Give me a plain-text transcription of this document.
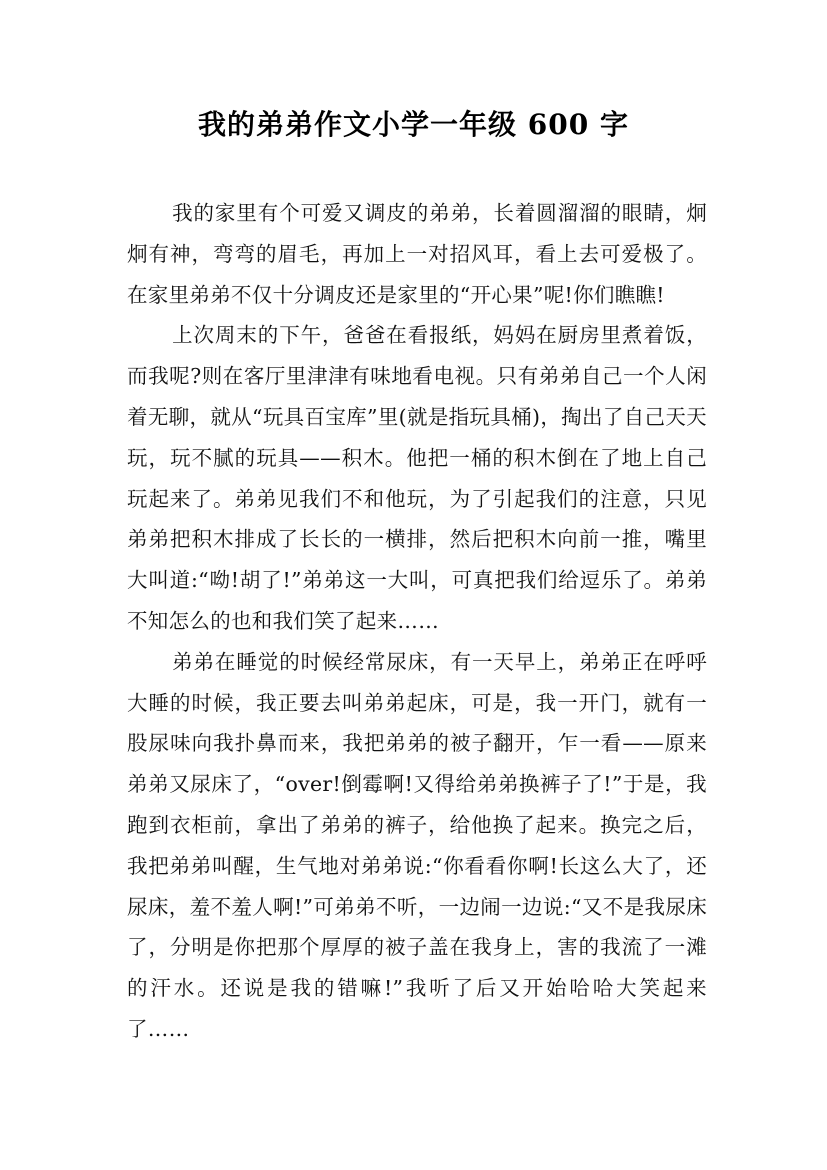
我的弟弟作文小学一年级 600 字

我的家里有个可爱又调皮的弟弟，长着圆溜溜的眼睛，炯炯有神，弯弯的眉毛，再加上一对招风耳，看上去可爱极了。在家里弟弟不仅十分调皮还是家里的“开心果”呢!你们瞧瞧!

上次周末的下午，爸爸在看报纸，妈妈在厨房里煮着饭，而我呢?则在客厅里津津有味地看电视。只有弟弟自己一个人闲着无聊，就从“玩具百宝库”里(就是指玩具桶)，掏出了自己天天玩，玩不腻的玩具——积木。他把一桶的积木倒在了地上自己玩起来了。弟弟见我们不和他玩，为了引起我们的注意，只见弟弟把积木排成了长长的一横排，然后把积木向前一推，嘴里大叫道:“呦!胡了!”弟弟这一大叫，可真把我们给逗乐了。弟弟不知怎么的也和我们笑了起来……

弟弟在睡觉的时候经常尿床，有一天早上，弟弟正在呼呼大睡的时候，我正要去叫弟弟起床，可是，我一开门，就有一股尿味向我扑鼻而来，我把弟弟的被子翻开，乍一看——原来弟弟又尿床了，“over!倒霉啊!又得给弟弟换裤子了!”于是，我跑到衣柜前，拿出了弟弟的裤子，给他换了起来。换完之后，我把弟弟叫醒，生气地对弟弟说:“你看看你啊!长这么大了，还尿床，羞不羞人啊!”可弟弟不听，一边闹一边说:“又不是我尿床了，分明是你把那个厚厚的被子盖在我身上，害的我流了一滩的汗水。还说是我的错嘛!”我听了后又开始哈哈大笑起来了……
